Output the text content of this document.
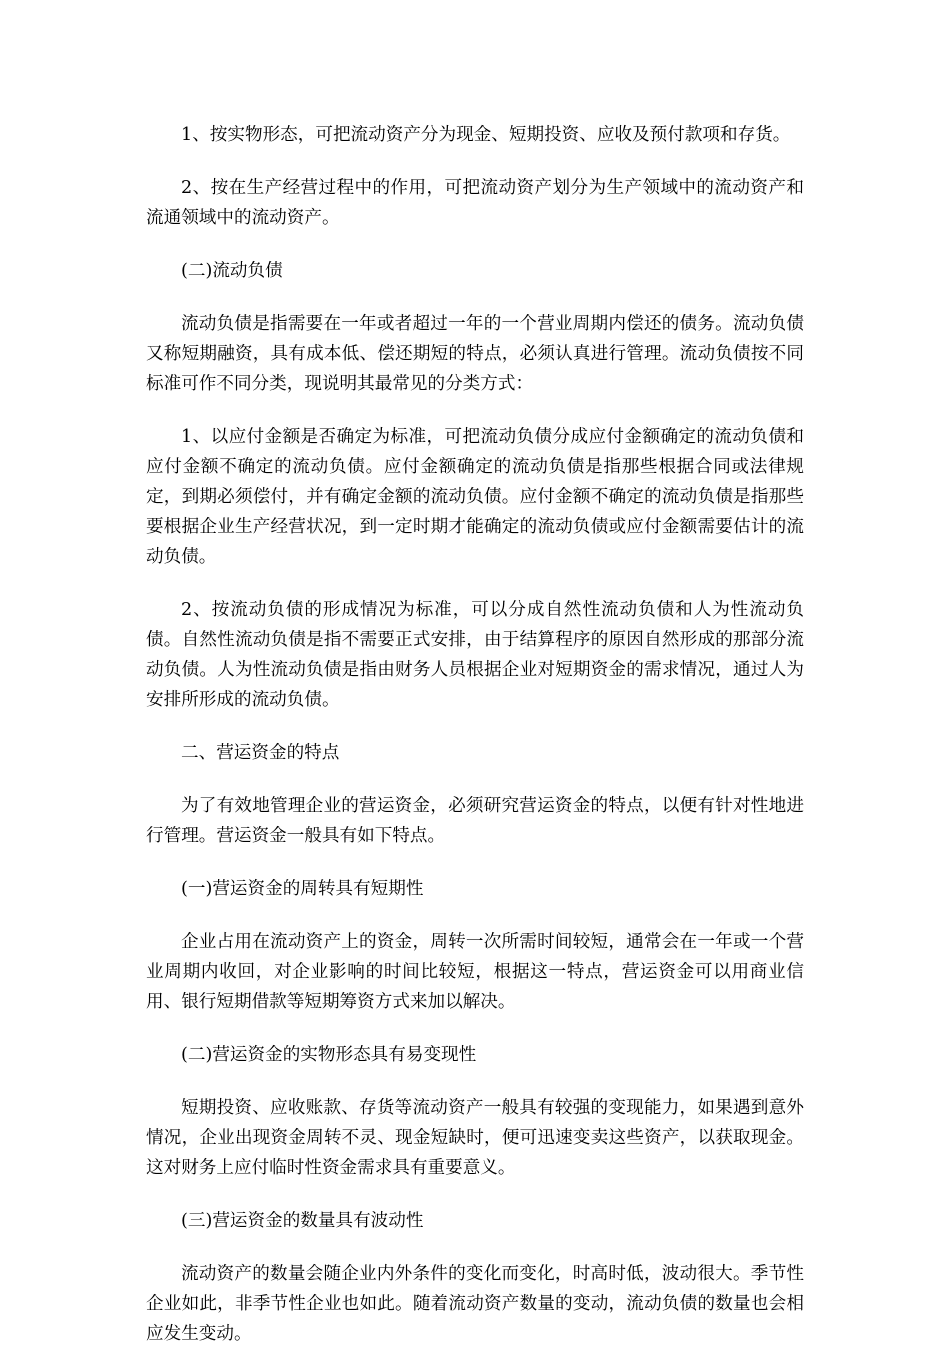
1、按实物形态，可把流动资产分为现金、短期投资、应收及预付款项和存货。

2、按在生产经营过程中的作用，可把流动资产划分为生产领域中的流动资产和流通领域中的流动资产。

(二)流动负债

流动负债是指需要在一年或者超过一年的一个营业周期内偿还的债务。流动负债又称短期融资，具有成本低、偿还期短的特点，必须认真进行管理。流动负债按不同标准可作不同分类，现说明其最常见的分类方式：

1、以应付金额是否确定为标准，可把流动负债分成应付金额确定的流动负债和应付金额不确定的流动负债。应付金额确定的流动负债是指那些根据合同或法律规定，到期必须偿付，并有确定金额的流动负债。应付金额不确定的流动负债是指那些要根据企业生产经营状况，到一定时期才能确定的流动负债或应付金额需要估计的流动负债。

2、按流动负债的形成情况为标准，可以分成自然性流动负债和人为性流动负债。自然性流动负债是指不需要正式安排，由于结算程序的原因自然形成的那部分流动负债。人为性流动负债是指由财务人员根据企业对短期资金的需求情况，通过人为安排所形成的流动负债。

二、营运资金的特点

为了有效地管理企业的营运资金，必须研究营运资金的特点，以便有针对性地进行管理。营运资金一般具有如下特点。

(一)营运资金的周转具有短期性

企业占用在流动资产上的资金，周转一次所需时间较短，通常会在一年或一个营业周期内收回，对企业影响的时间比较短，根据这一特点，营运资金可以用商业信用、银行短期借款等短期筹资方式来加以解决。

(二)营运资金的实物形态具有易变现性

短期投资、应收账款、存货等流动资产一般具有较强的变现能力，如果遇到意外情况，企业出现资金周转不灵、现金短缺时，便可迅速变卖这些资产，以获取现金。这对财务上应付临时性资金需求具有重要意义。

(三)营运资金的数量具有波动性

流动资产的数量会随企业内外条件的变化而变化，时高时低，波动很大。季节性企业如此，非季节性企业也如此。随着流动资产数量的变动，流动负债的数量也会相应发生变动。
